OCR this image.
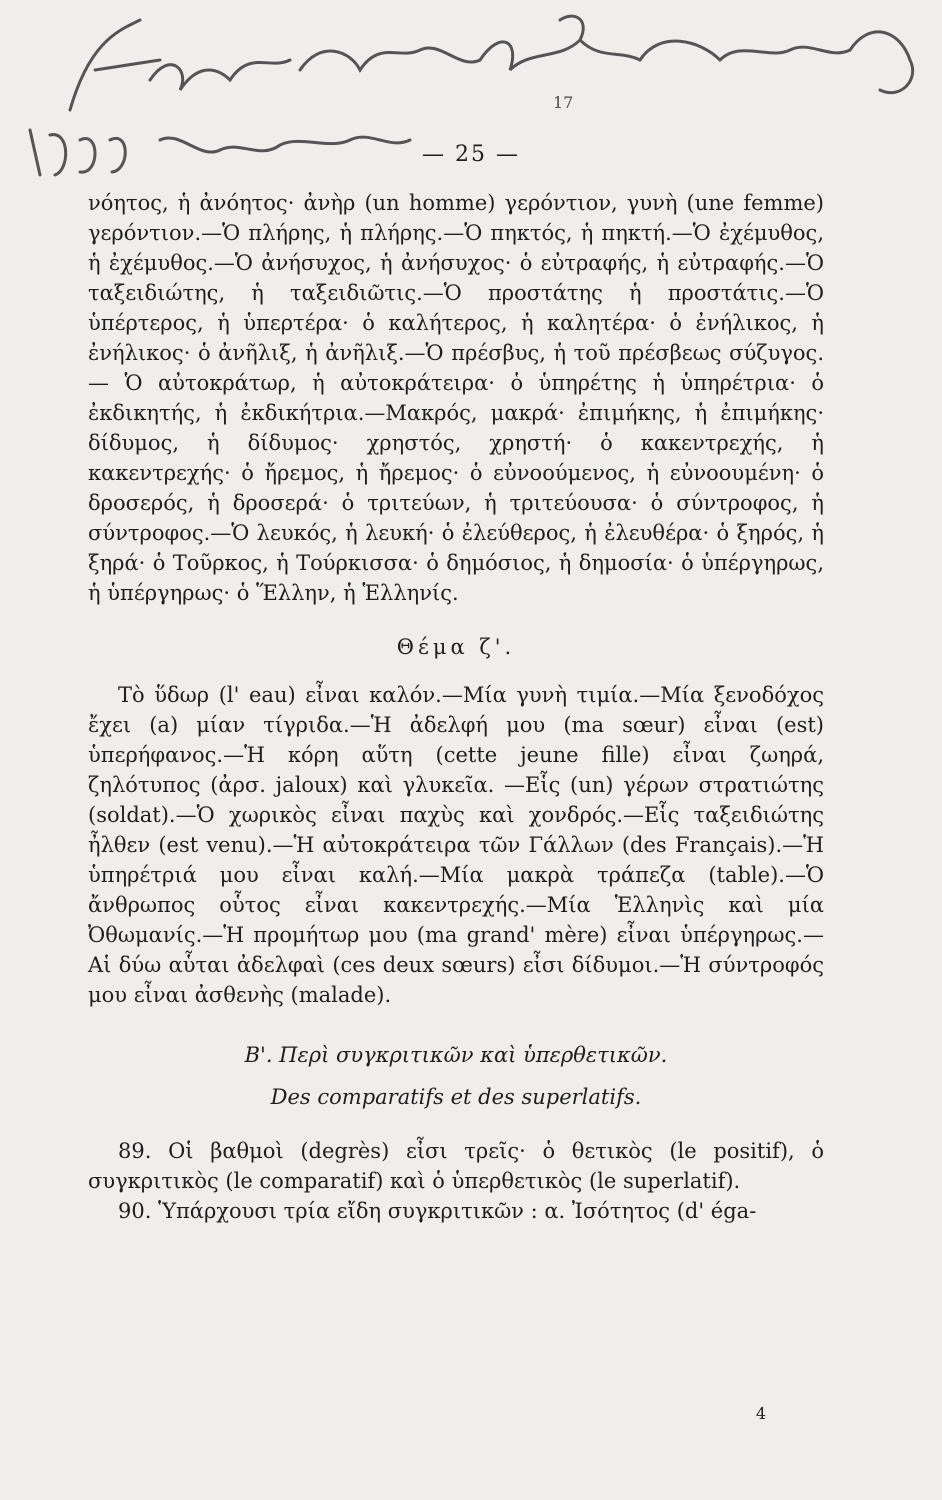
17
— 25 —

νόητος, ἡ ἀνόητος· ἀνὴρ (un homme) γερόντιον, γυνὴ (une femme) γερόντιον.—Ὁ πλήρης, ἡ πλήρης.—Ὁ πηκτός, ἡ πηκτή.—Ὁ ἐχέμυθος, ἡ ἐχέμυθος.—Ὁ ἀνήσυχος, ἡ ἀνήσυχος· ὁ εὐτραφής, ἡ εὐτραφής.—Ὁ ταξειδιώτης, ἡ ταξειδιῶτις.—Ὁ προστάτης ἡ προστάτις.—Ὁ ὑπέρτερος, ἡ ὑπερτέρα· ὁ καλήτερος, ἡ καλητέρα· ὁ ἐνήλικος, ἡ ἐνήλικος· ὁ ἀνῆλιξ, ἡ ἀνῆλιξ.—Ὁ πρέσβυς, ἡ τοῦ πρέσβεως σύζυγος.— Ὁ αὐτοκράτωρ, ἡ αὐτοκράτειρα· ὁ ὑπηρέτης ἡ ὑπηρέτρια· ὁ ἐκδικητής, ἡ ἐκδικήτρια.—Μακρός, μακρά· ἐπιμήκης, ἡ ἐπιμήκης· δίδυμος, ἡ δίδυμος· χρηστός, χρηστή· ὁ κακεντρεχής, ἡ κακεντρεχής· ὁ ἤρεμος, ἡ ἤρεμος· ὁ εὐνοούμενος, ἡ εὐνοουμένη· ὁ δροσερός, ἡ δροσερά· ὁ τριτεύων, ἡ τριτεύουσα· ὁ σύντροφος, ἡ σύντροφος.—Ὁ λευκός, ἡ λευκή· ὁ ἐλεύθερος, ἡ ἐλευθέρα· ὁ ξηρός, ἡ ξηρά· ὁ Τοῦρκος, ἡ Τούρκισσα· ὁ δημόσιος, ἡ δημοσία· ὁ ὑπέργηρως, ἡ ὑπέργηρως· ὁ Ἕλλην, ἡ Ἑλληνίς.

Θέμα ζ'.

Τὸ ὕδωρ (l' eau) εἶναι καλόν.—Μία γυνὴ τιμία.—Μία ξενοδόχος ἔχει (a) μίαν τίγριδα.—Ἡ ἀδελφή μου (ma sœur) εἶναι (est) ὑπερήφανος.—Ἡ κόρη αὕτη (cette jeune fille) εἶναι ζωηρά, ζηλότυπος (ἀρσ. jaloux) καὶ γλυκεῖα. —Εἷς (un) γέρων στρατιώτης (soldat).—Ὁ χωρικὸς εἶναι παχὺς καὶ χονδρός.—Εἷς ταξειδιώτης ἦλθεν (est venu).—Ἡ αὐτοκράτειρα τῶν Γάλλων (des Français).—Ἡ ὑπηρέτριά μου εἶναι καλή.—Μία μακρὰ τράπεζα (table).—Ὁ ἄνθρωπος οὗτος εἶναι κακεντρεχής.—Μία Ἑλληνὶς καὶ μία Ὀθωμανίς.—Ἡ προμήτωρ μου (ma grand' mère) εἶναι ὑπέργηρως.—Αἱ δύω αὗται ἀδελφαὶ (ces deux sœurs) εἶσι δίδυμοι.—Ἡ σύντροφός μου εἶναι ἀσθενὴς (malade).

Β'. Περὶ συγκριτικῶν καὶ ὑπερθετικῶν.
Des comparatifs et des superlatifs.

89. Οἱ βαθμοὶ (degrès) εἶσι τρεῖς· ὁ θετικὸς (le positif), ὁ συγκριτικὸς (le comparatif) καὶ ὁ ὑπερθετικὸς (le superlatif).

90. Ὑπάρχουσι τρία εἴδη συγκριτικῶν : α. Ἰσότητος (d' éga-

4
